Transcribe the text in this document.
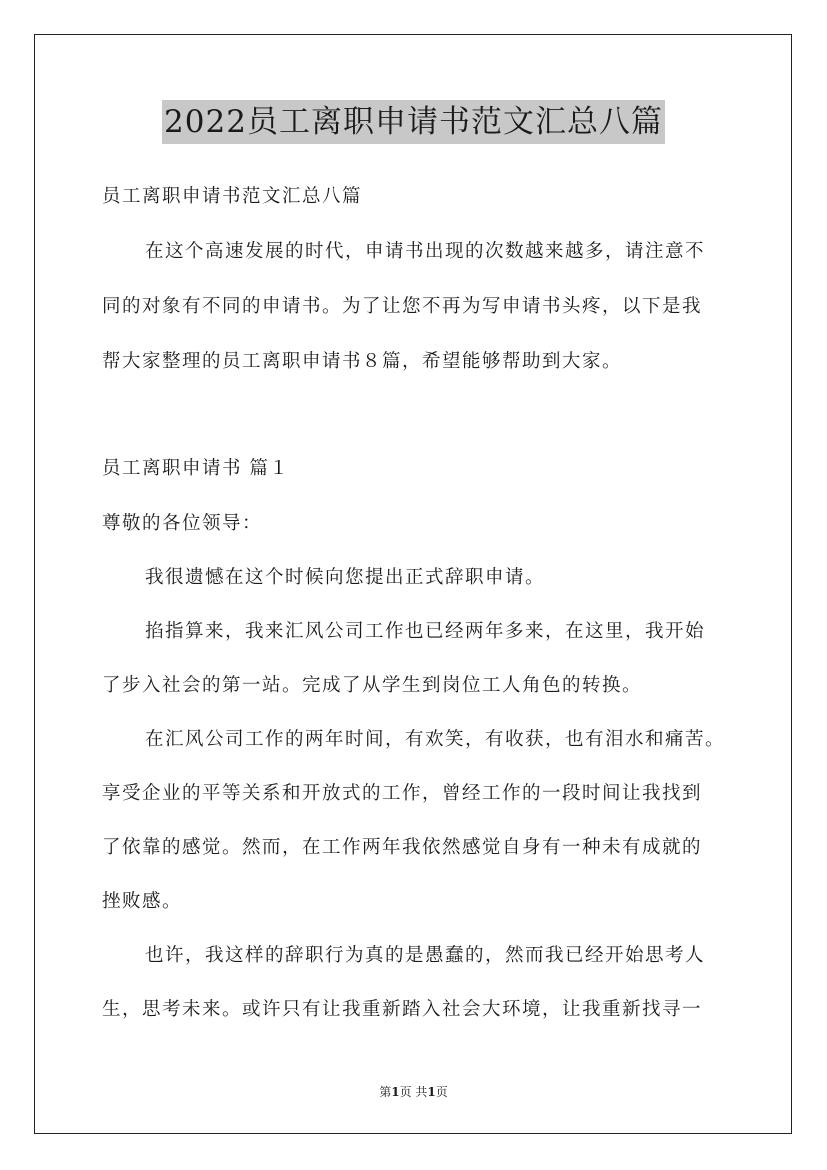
2022员工离职申请书范文汇总八篇
员工离职申请书范文汇总八篇
在这个高速发展的时代，申请书出现的次数越来越多，请注意不
同的对象有不同的申请书。为了让您不再为写申请书头疼，以下是我
帮大家整理的员工离职申请书８篇，希望能够帮助到大家。
员工离职申请书 篇１
尊敬的各位领导：
我很遗憾在这个时候向您提出正式辞职申请。
掐指算来，我来汇风公司工作也已经两年多来，在这里，我开始
了步入社会的第一站。完成了从学生到岗位工人角色的转换。
在汇风公司工作的两年时间，有欢笑，有收获，也有泪水和痛苦。
享受企业的平等关系和开放式的工作，曾经工作的一段时间让我找到
了依靠的感觉。然而，在工作两年我依然感觉自身有一种未有成就的
挫败感。
也许，我这样的辞职行为真的是愚蠢的，然而我已经开始思考人
生，思考未来。或许只有让我重新踏入社会大环境，让我重新找寻一
第1页 共1页
